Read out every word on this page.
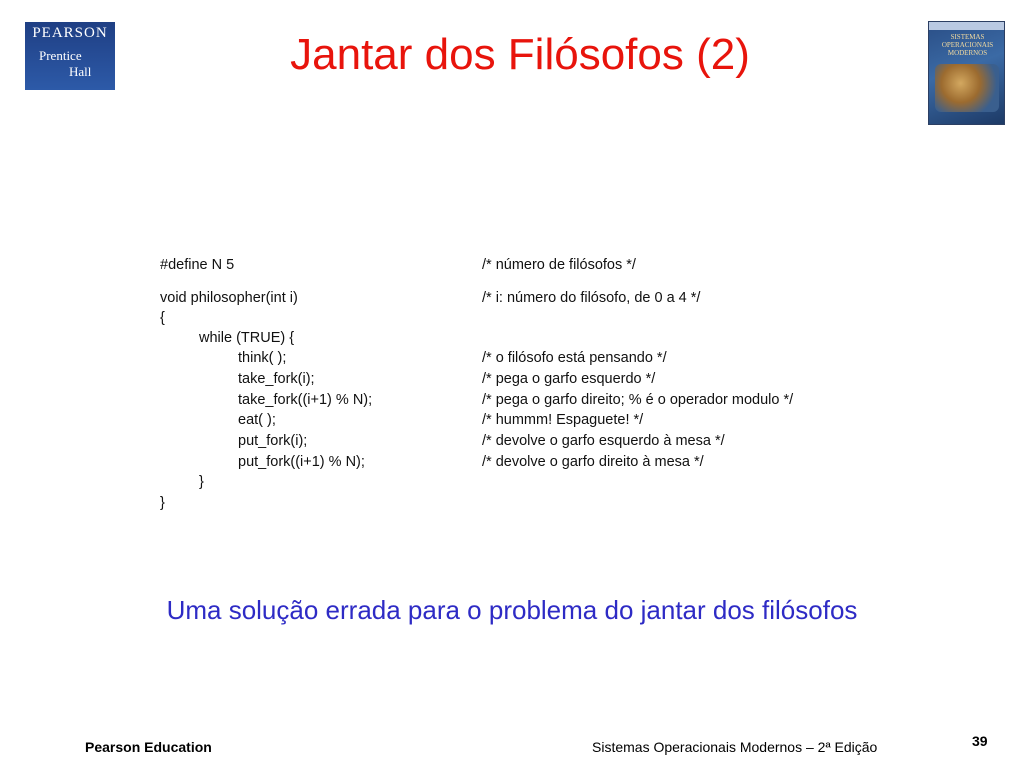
PEARSON
Prentice
Hall	Jantar dos Filósofos (2)	SISTEMAS OPERACIONAIS MODERNOS
#define N 5	/* número de filósofos */
void philosopher(int i)	/* i: número do filósofo, de 0 a 4 */
{
while (TRUE) {
think( );	/* o filósofo está pensando */
take_fork(i);	/* pega o garfo esquerdo */
take_fork((i+1) % N);	/* pega o garfo direito; % é o operador modulo */
eat( );	/* hummm! Espaguete! */
put_fork(i);	/* devolve o garfo esquerdo à mesa */
put_fork((i+1) % N);	/* devolve o garfo direito à mesa */
}
}
Uma solução errada para o problema do jantar dos filósofos
Pearson Education	Sistemas Operacionais Modernos – 2ª Edição	39
